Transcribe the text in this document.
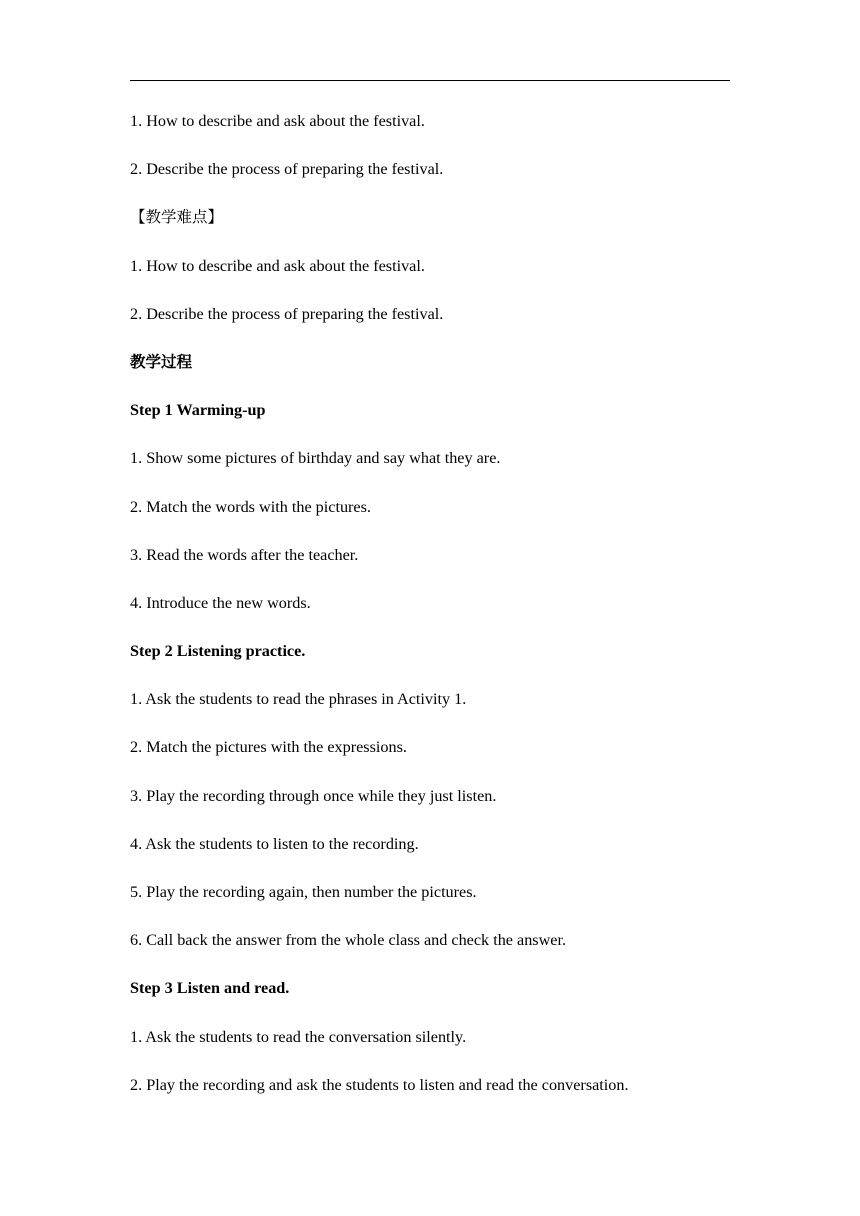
1. How to describe and ask about the festival.
2. Describe the process of preparing the festival.
【教学难点】
1. How to describe and ask about the festival.
2. Describe the process of preparing the festival.
教学过程
Step 1 Warming-up
1. Show some pictures of birthday and say what they are.
2. Match the words with the pictures.
3. Read the words after the teacher.
4. Introduce the new words.
Step 2 Listening practice.
1. Ask the students to read the phrases in Activity 1.
2. Match the pictures with the expressions.
3. Play the recording through once while they just listen.
4. Ask the students to listen to the recording.
5. Play the recording again, then number the pictures.
6. Call back the answer from the whole class and check the answer.
Step 3 Listen and read.
1. Ask the students to read the conversation silently.
2. Play the recording and ask the students to listen and read the conversation.
